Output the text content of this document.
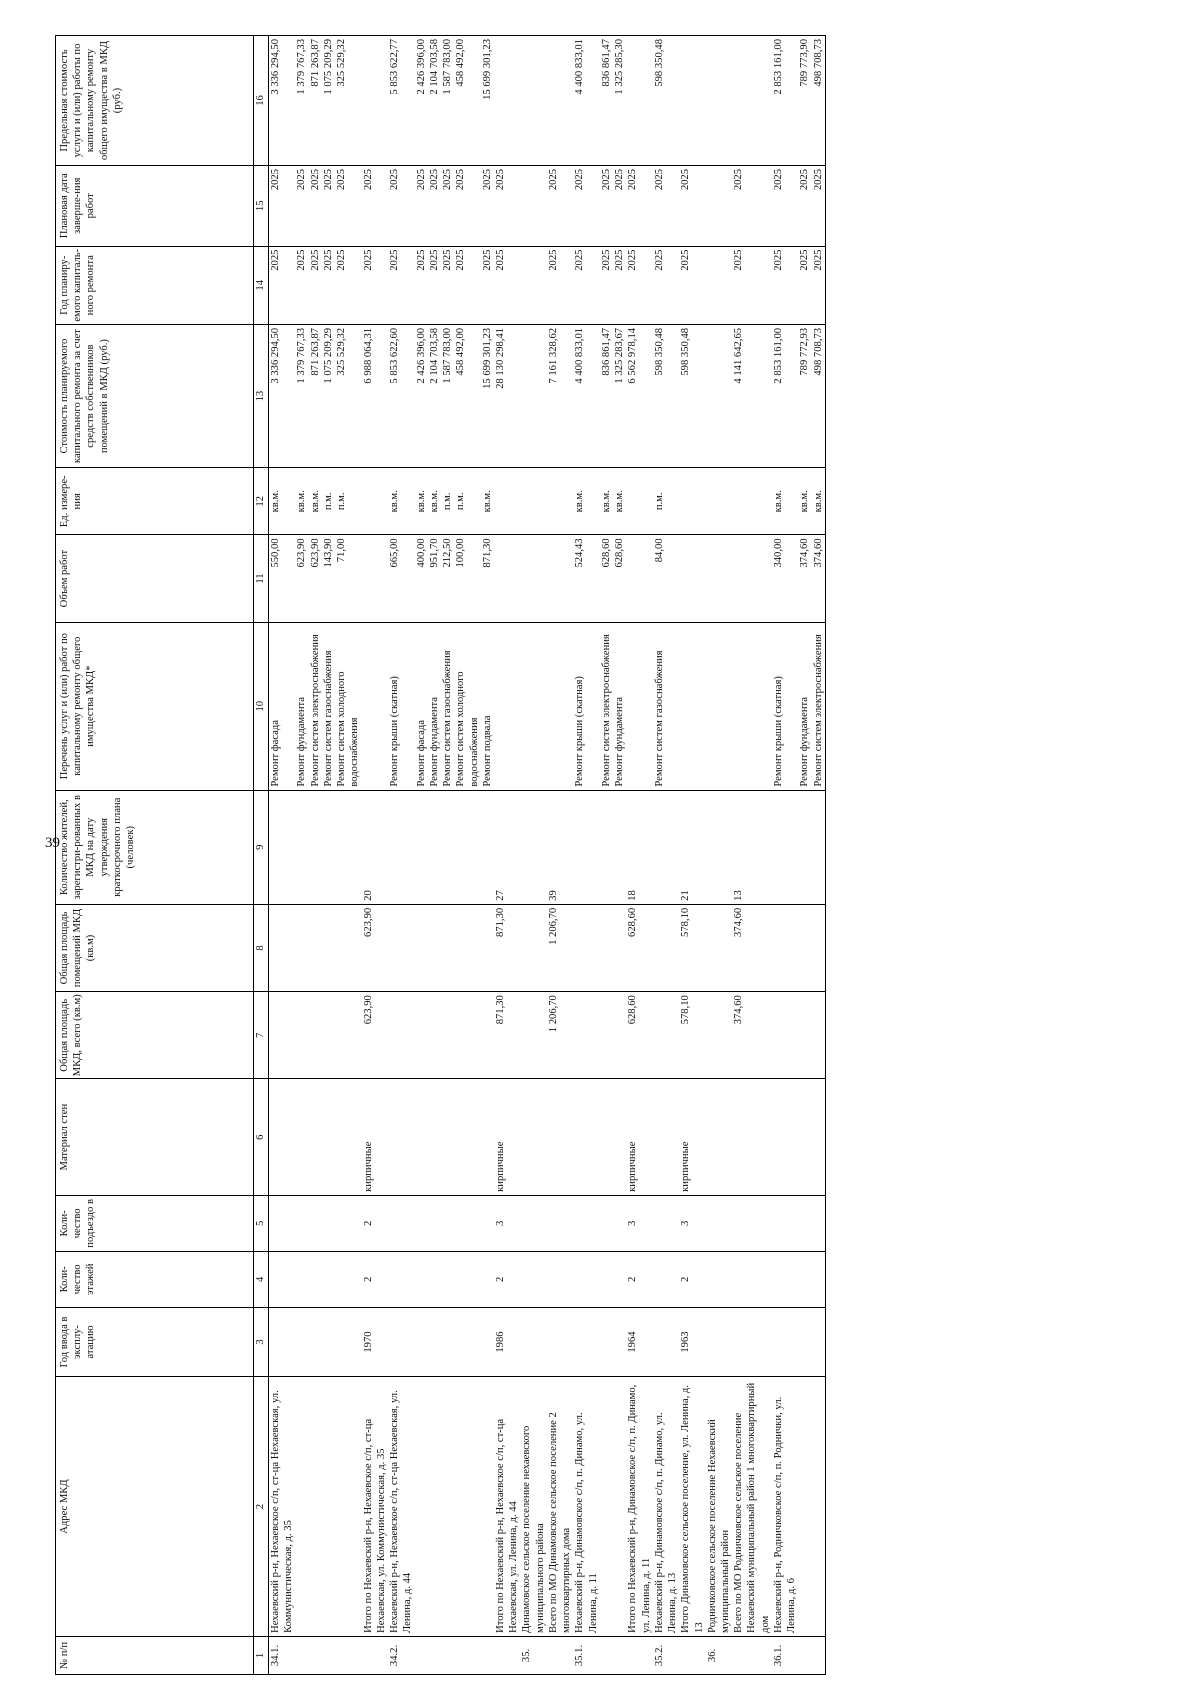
39
№ п/п	Адрес МКД	Год ввода в эксплу-атацию	Коли-чество этажей	Коли-чество подъездо в	Материал стен	Общая площадь МКД, всего (кв.м)	Общая площадь помещений МКД (кв.м)	Количество жителей, зарегистри-рованных в МКД на дату утверждения краткосрочного плана (человек)	Перечень услуг и (или) работ по капитальному ремонту общего имущества МКД*	Объем работ	Ед. измере-ния	Стоимость планируемого капитального ремонта за счет средств собственников помещений в МКД (руб.)	Год планиру-емого капиталь-ного ремонта	Плановая дата заверше-ния работ	Предельная стоимость услуги и (или) работы по капитальному ремонту общего имущества в МКД (руб.)
1	2	3	4	5	6	7	8	9	10	11	12	13	14	15	16
34.1.	Нехаевский р-н, Нехаевское с/п, ст-ца Нехаевская, ул. Коммунистическая, д. 35								Ремонт фасада	550,00	кв.м.	3 336 294,50	2025	2025	3 336 294,50
									Ремонт фундамента	623,90	кв.м.	1 379 767,33	2025	2025	1 379 767,33
									Ремонт систем электроснабжения	623,90	кв.м.	871 263,87	2025	2025	871 263,87
									Ремонт систем газоснабжения	143,90	п.м.	1 075 209,29	2025	2025	1 075 209,29
									Ремонт систем холодного водоснабжения	71,00	п.м.	325 529,32	2025	2025	325 529,32
	Итого по Нехаевский р-н, Нехаевское с/п, ст-ца Нехаевская, ул. Коммунистическая, д. 35	1970	2	2	кирпичные	623,90	623,90	20				6 988 064,31	2025	2025	
34.2.	Нехаевский р-н, Нехаевское с/п, ст-ца Нехаевская, ул. Ленина, д. 44								Ремонт крыши (скатная)	665,00	кв.м.	5 853 622,60	2025	2025	5 853 622,77
									Ремонт фасада	400,00	кв.м.	2 426 396,00	2025	2025	2 426 396,00
									Ремонт фундамента	951,70	кв.м.	2 104 703,58	2025	2025	2 104 703,58
									Ремонт систем газоснабжения	212,50	п.м.	1 587 783,00	2025	2025	1 587 783,00
									Ремонт систем холодного водоснабжения	100,00	п.м.	458 492,00	2025	2025	458 492,00
									Ремонт подвала	871,30	кв.м.	15 699 301,23	2025	2025	15 699 301,23
	Итого по Нехаевский р-н, Нехаевское с/п, ст-ца Нехаевская, ул. Ленина, д. 44	1986	2	3	кирпичные	871,30	871,30	27				28 130 298,41	2025	2025	
35.	Динамовское сельское поселение нехаевского муниципального района														
	Всего по МО Динамовское сельское поселение 2 многоквартирных дома					1 206,70	1 206,70	39				7 161 328,62	2025	2025	
35.1.	Нехаевский р-н, Динамовское с/п, п. Динамо, ул. Ленина, д. 11								Ремонт крыши (скатная)	524,43	кв.м.	4 400 833,01	2025	2025	4 400 833,01
									Ремонт систем электроснабжения	628,60	кв.м.	836 861,47	2025	2025	836 861,47
									Ремонт фундамента	628,60	кв.м.	1 325 283,67	2025	2025	1 325 285,30
	Итого по Нехаевский р-н, Динамовское с/п, п. Динамо, ул. Ленина, д. 11	1964	2	3	кирпичные	628,60	628,60	18				6 562 978,14	2025	2025	
35.2.	Нехаевский р-н, Динамовское с/п, п. Динамо, ул. Ленина, д. 13								Ремонт систем газоснабжения	84,00	п.м.	598 350,48	2025	2025	598 350,48
	Итого Динамовское сельское поселение, ул. Ленина, д. 13	1963	2	3	кирпичные	578,10	578,10	21				598 350,48	2025	2025	
36.	Родничковское сельское поселение Нехаевский муниципальный район														
	Всего по МО Родничковское сельское поселение Нехаевский муниципальный район 1 многоквартирный дом					374,60	374,60	13				4 141 642,65	2025	2025	
36.1.	Нехаевский р-н, Родничковское с/п, п. Роднички, ул. Ленина, д. 6								Ремонт крыши (скатная)	340,00	кв.м.	2 853 161,00	2025	2025	2 853 161,00
									Ремонт фундамента	374,60	кв.м.	789 772,93	2025	2025	789 773,90
									Ремонт систем электроснабжения	374,60	кв.м.	498 708,73	2025	2025	498 708,73
